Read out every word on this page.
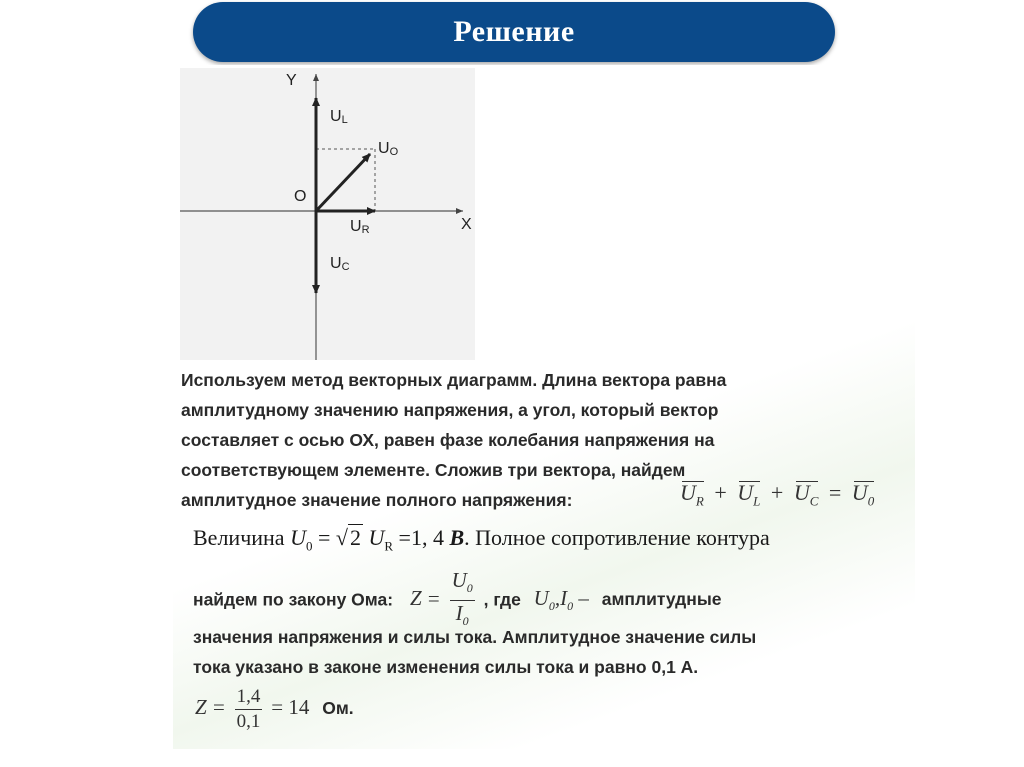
Решение
Y
X
O
$U_L$
$U_O$
$U_R$
$U_C$
Используем метод векторных диаграмм. Длина вектора равна
амплитудному значению напряжения, а угол, который вектор
составляет с осью ОХ, равен фазе колебания напряжения на
соответствующем элементе. Сложив три вектора, найдем
амплитудное значение полного напряжения:	$U_R + U_L + U_C = U_0$
Величина $U_0 = √2$ $U_R =1$, 4 В. Полное сопротивление контура
найдем по закону Ома: $Z = \frac{U_0}{I_0}$ , где $U_0,I_0$ – амплитудные
значения напряжения и силы тока. Амплитудное значение силы
тока указано в законе изменения силы тока и равно 0,1 А.
$Z = \frac{1,4}{0,1} = 14$ Ом.
